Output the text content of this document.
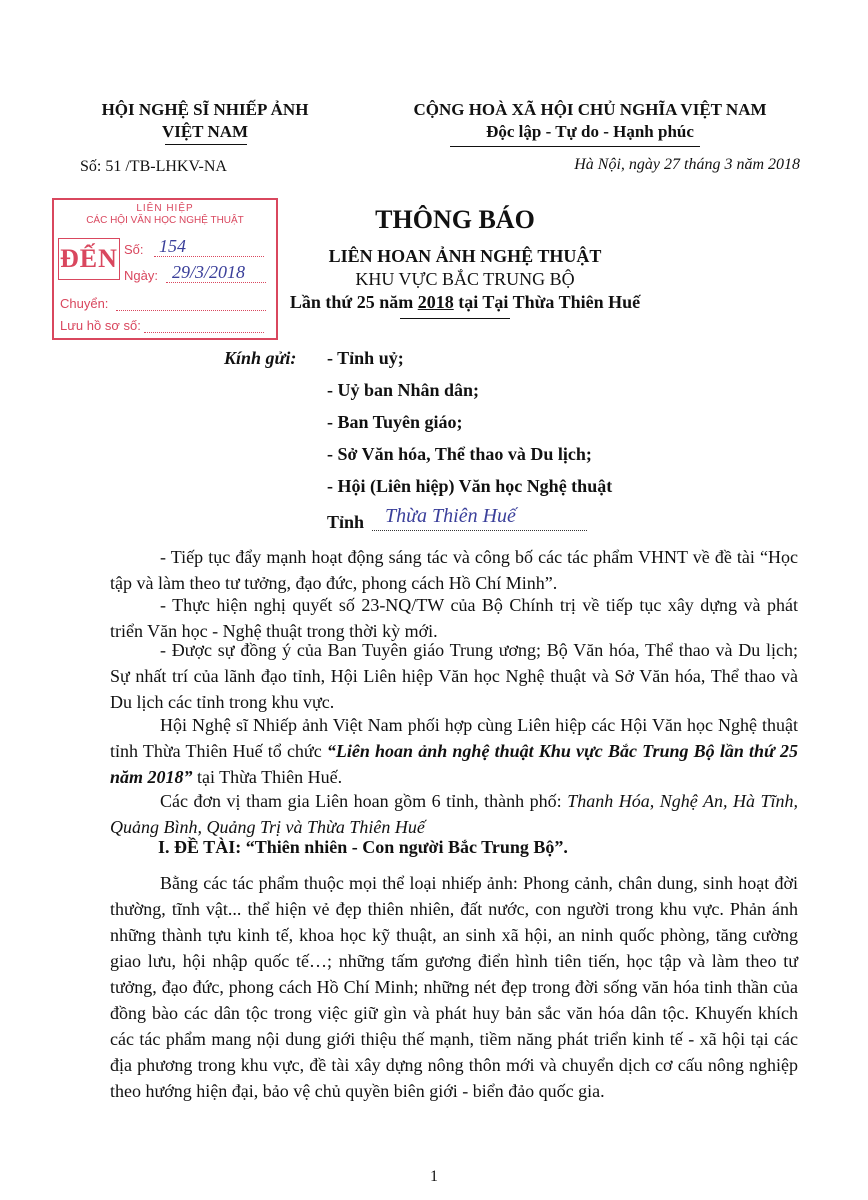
HỘI NGHỆ SĨ NHIẾP ẢNH
VIỆT NAM
Số: 51 /TB-LHKV-NA
CỘNG HOÀ XÃ HỘI CHỦ NGHĨA VIỆT NAM
Độc lập - Tự do - Hạnh phúc
Hà Nội, ngày 27 tháng 3 năm 2018
LIÊN HIỆP
CÁC HỘI VĂN HỌC NGHỆ THUẬT
ĐẾN Số: 154
Ngày: 29/3/2018
Chuyển:
Lưu hồ sơ số:
THÔNG BÁO
LIÊN HOAN ẢNH NGHỆ THUẬT
KHU VỰC BẮC TRUNG BỘ
Lần thứ 25 năm 2018 tại Tại Thừa Thiên Huế
Kính gửi: - Tỉnh uỷ;
- Uỷ ban Nhân dân;
- Ban Tuyên giáo;
- Sở Văn hóa, Thể thao và Du lịch;
- Hội (Liên hiệp) Văn học Nghệ thuật
Tỉnh Thừa Thiên Huế
- Tiếp tục đẩy mạnh hoạt động sáng tác và công bố các tác phẩm VHNT về đề tài “Học tập và làm theo tư tưởng, đạo đức, phong cách Hồ Chí Minh”.
- Thực hiện nghị quyết số 23-NQ/TW của Bộ Chính trị về tiếp tục xây dựng và phát triển Văn học - Nghệ thuật trong thời kỳ mới.
- Được sự đồng ý của Ban Tuyên giáo Trung ương; Bộ Văn hóa, Thể thao và Du lịch; Sự nhất trí của lãnh đạo tỉnh, Hội Liên hiệp Văn học Nghệ thuật và Sở Văn hóa, Thể thao và Du lịch các tỉnh trong khu vực.
Hội Nghệ sĩ Nhiếp ảnh Việt Nam phối hợp cùng Liên hiệp các Hội Văn học Nghệ thuật tỉnh Thừa Thiên Huế tổ chức “Liên hoan ảnh nghệ thuật Khu vực Bắc Trung Bộ lần thứ 25 năm 2018” tại Thừa Thiên Huế.
Các đơn vị tham gia Liên hoan gồm 6 tỉnh, thành phố: Thanh Hóa, Nghệ An, Hà Tĩnh, Quảng Bình, Quảng Trị và Thừa Thiên Huế
I. ĐỀ TÀI: “Thiên nhiên - Con người Bắc Trung Bộ”.
Bằng các tác phẩm thuộc mọi thể loại nhiếp ảnh: Phong cảnh, chân dung, sinh hoạt đời thường, tĩnh vật... thể hiện vẻ đẹp thiên nhiên, đất nước, con người trong khu vực. Phản ánh những thành tựu kinh tế, khoa học kỹ thuật, an sinh xã hội, an ninh quốc phòng, tăng cường giao lưu, hội nhập quốc tế…; những tấm gương điển hình tiên tiến, học tập và làm theo tư tưởng, đạo đức, phong cách Hồ Chí Minh; những nét đẹp trong đời sống văn hóa tinh thần của đồng bào các dân tộc trong việc giữ gìn và phát huy bản sắc văn hóa dân tộc. Khuyến khích các tác phẩm mang nội dung giới thiệu thế mạnh, tiềm năng phát triển kinh tế - xã hội tại các địa phương trong khu vực, đề tài xây dựng nông thôn mới và chuyển dịch cơ cấu nông nghiệp theo hướng hiện đại, bảo vệ chủ quyền biên giới - biển đảo quốc gia.
1
